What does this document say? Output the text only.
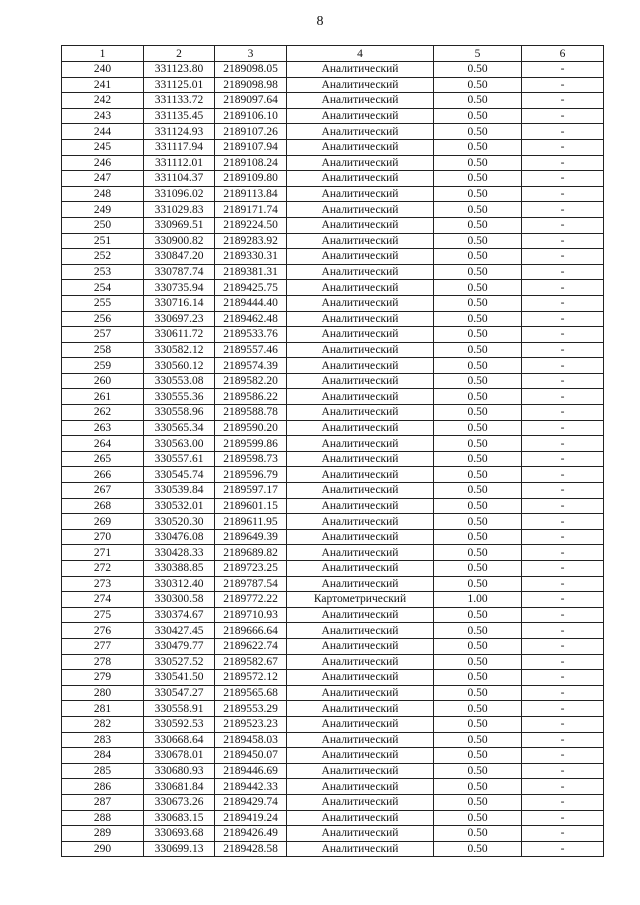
8
1	2	3	4	5	6
240	331123.80	2189098.05	Аналитический	0.50	-
241	331125.01	2189098.98	Аналитический	0.50	-
242	331133.72	2189097.64	Аналитический	0.50	-
243	331135.45	2189106.10	Аналитический	0.50	-
244	331124.93	2189107.26	Аналитический	0.50	-
245	331117.94	2189107.94	Аналитический	0.50	-
246	331112.01	2189108.24	Аналитический	0.50	-
247	331104.37	2189109.80	Аналитический	0.50	-
248	331096.02	2189113.84	Аналитический	0.50	-
249	331029.83	2189171.74	Аналитический	0.50	-
250	330969.51	2189224.50	Аналитический	0.50	-
251	330900.82	2189283.92	Аналитический	0.50	-
252	330847.20	2189330.31	Аналитический	0.50	-
253	330787.74	2189381.31	Аналитический	0.50	-
254	330735.94	2189425.75	Аналитический	0.50	-
255	330716.14	2189444.40	Аналитический	0.50	-
256	330697.23	2189462.48	Аналитический	0.50	-
257	330611.72	2189533.76	Аналитический	0.50	-
258	330582.12	2189557.46	Аналитический	0.50	-
259	330560.12	2189574.39	Аналитический	0.50	-
260	330553.08	2189582.20	Аналитический	0.50	-
261	330555.36	2189586.22	Аналитический	0.50	-
262	330558.96	2189588.78	Аналитический	0.50	-
263	330565.34	2189590.20	Аналитический	0.50	-
264	330563.00	2189599.86	Аналитический	0.50	-
265	330557.61	2189598.73	Аналитический	0.50	-
266	330545.74	2189596.79	Аналитический	0.50	-
267	330539.84	2189597.17	Аналитический	0.50	-
268	330532.01	2189601.15	Аналитический	0.50	-
269	330520.30	2189611.95	Аналитический	0.50	-
270	330476.08	2189649.39	Аналитический	0.50	-
271	330428.33	2189689.82	Аналитический	0.50	-
272	330388.85	2189723.25	Аналитический	0.50	-
273	330312.40	2189787.54	Аналитический	0.50	-
274	330300.58	2189772.22	Картометрический	1.00	-
275	330374.67	2189710.93	Аналитический	0.50	-
276	330427.45	2189666.64	Аналитический	0.50	-
277	330479.77	2189622.74	Аналитический	0.50	-
278	330527.52	2189582.67	Аналитический	0.50	-
279	330541.50	2189572.12	Аналитический	0.50	-
280	330547.27	2189565.68	Аналитический	0.50	-
281	330558.91	2189553.29	Аналитический	0.50	-
282	330592.53	2189523.23	Аналитический	0.50	-
283	330668.64	2189458.03	Аналитический	0.50	-
284	330678.01	2189450.07	Аналитический	0.50	-
285	330680.93	2189446.69	Аналитический	0.50	-
286	330681.84	2189442.33	Аналитический	0.50	-
287	330673.26	2189429.74	Аналитический	0.50	-
288	330683.15	2189419.24	Аналитический	0.50	-
289	330693.68	2189426.49	Аналитический	0.50	-
290	330699.13	2189428.58	Аналитический	0.50	-
